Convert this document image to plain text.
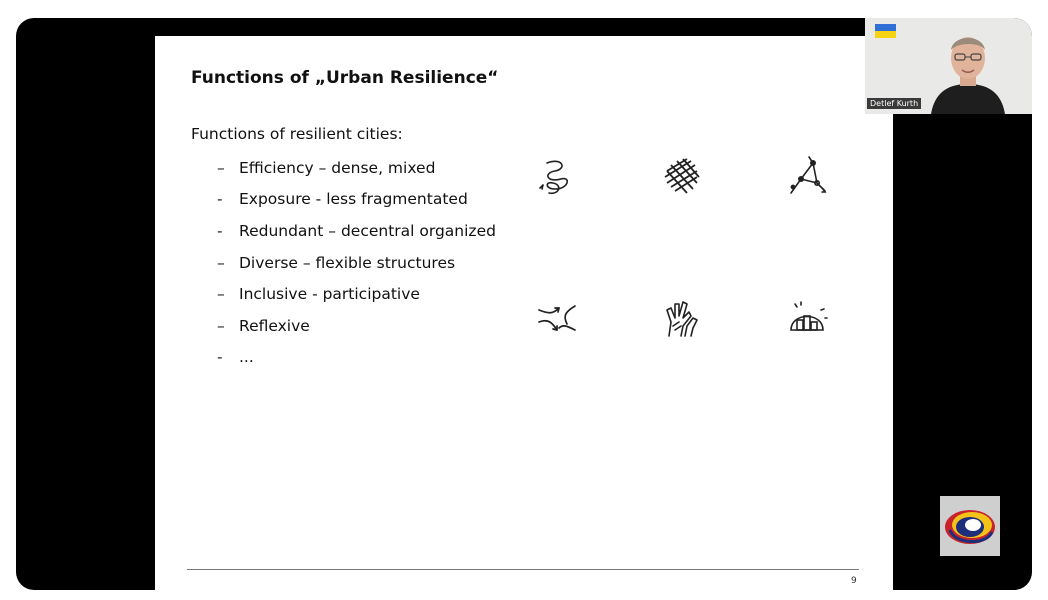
Functions of „Urban Resilience“
Functions of resilient cities:
– Efficiency – dense, mixed
-	Exposure - less fragmentated
-	Redundant – decentral organized
– Diverse – flexible structures
– Inclusive - participative
– Reflexive
-	...
9
Detlef Kurth
